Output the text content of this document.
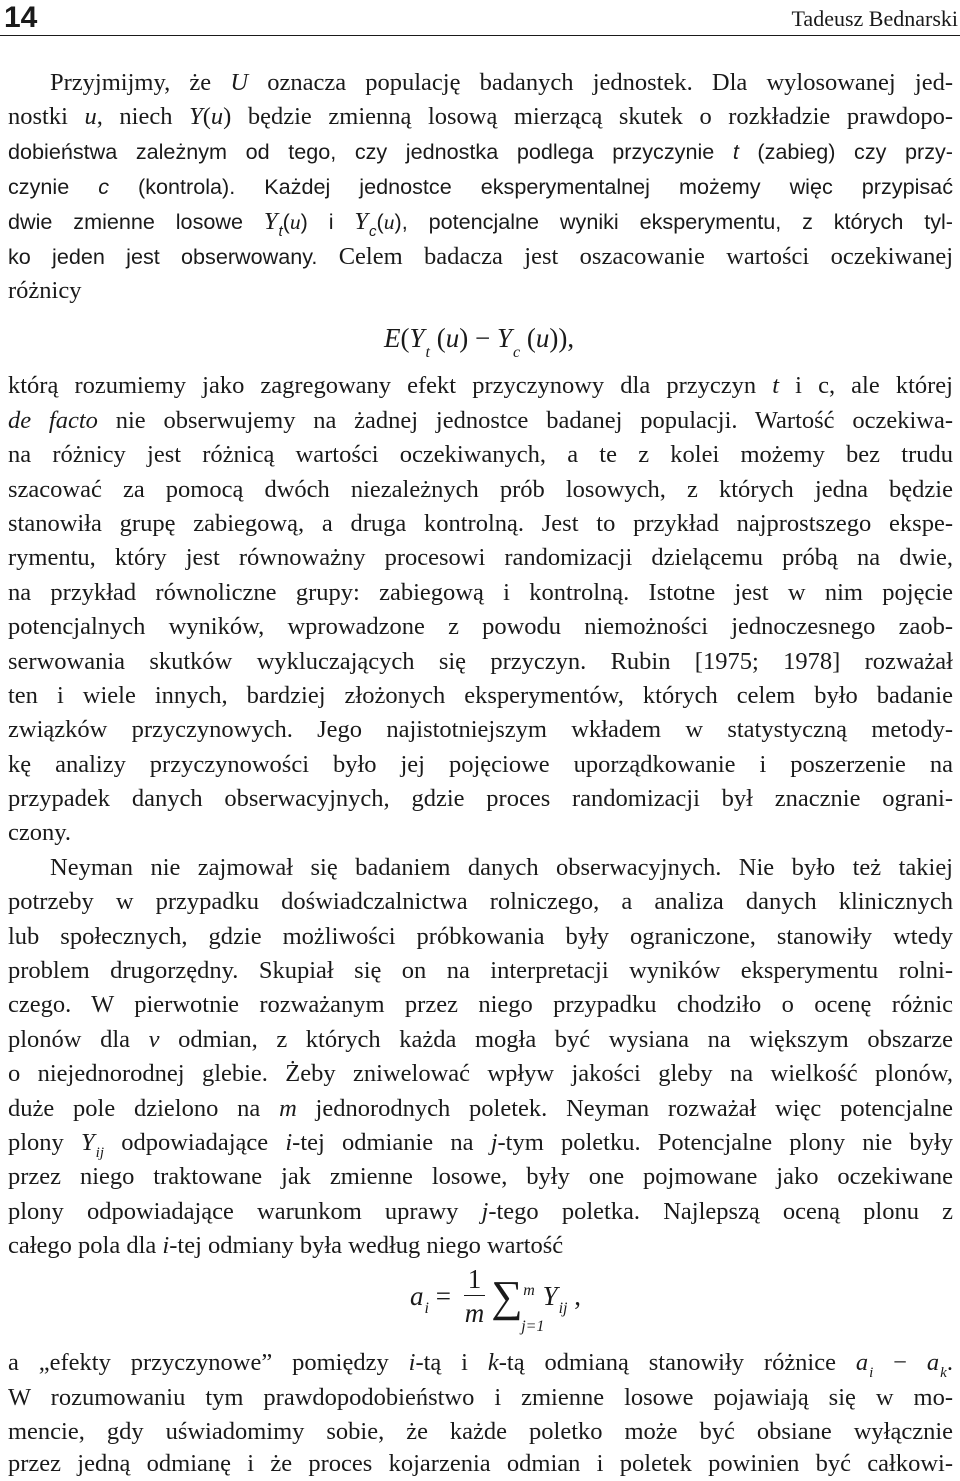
14	Tadeusz Bednarski
Przyjmijmy, że U oznacza populację badanych jednostek. Dla wylosowanej jed-
nostki u, niech Y(u) będzie zmienną losową mierzącą skutek o rozkładzie prawdopo-
dobieństwa zależnym od tego, czy jednostka podlega przyczynie t (zabieg) czy przy-
czynie c (kontrola). Każdej jednostce eksperymentalnej możemy więc przypisać
dwie zmienne losowe $Y_t(u)$ i $Y_c(u)$, potencjalne wyniki eksperymentu, z których tyl-
ko jeden jest obserwowany. Celem badacza jest oszacowanie wartości oczekiwanej
różnicy
$E(Y_t$ $(u) - Y_c$ (u)),
którą rozumiemy jako zagregowany efekt przyczynowy dla przyczyn t i c, ale której
de facto nie obserwujemy na żadnej jednostce badanej populacji. Wartość oczekiwa-
na różnicy jest różnicą wartości oczekiwanych, a te z kolei możemy bez trudu
szacować za pomocą dwóch niezależnych prób losowych, z których jedna będzie
stanowiła grupę zabiegową, a druga kontrolną. Jest to przykład najprostszego ekspe-
rymentu, który jest równoważny procesowi randomizacji dzielącemu próbą na dwie,
na przykład równoliczne grupy: zabiegową i kontrolną. Istotne jest w nim pojęcie
potencjalnych wyników, wprowadzone z powodu niemożności jednoczesnego zaob-
serwowania skutków wykluczających się przyczyn. Rubin [1975; 1978] rozważał
ten i wiele innych, bardziej złożonych eksperymentów, których celem było badanie
związków przyczynowych. Jego najistotniejszym wkładem w statystyczną metody-
kę analizy przyczynowości było jej pojęciowe uporządkowanie i poszerzenie na
przypadek danych obserwacyjnych, gdzie proces randomizacji był znacznie ograni-
czony.
Neyman nie zajmował się badaniem danych obserwacyjnych. Nie było też takiej
potrzeby w przypadku doświadczalnictwa rolniczego, a analiza danych klinicznych
lub społecznych, gdzie możliwości próbkowania były ograniczone, stanowiły wtedy
problem drugorzędny. Skupiał się on na interpretacji wyników eksperymentu rolni-
czego. W pierwotnie rozważanym przez niego przypadku chodziło o ocenę różnic
plonów dla v odmian, z których każda mogła być wysiana na większym obszarze
o niejednorodnej glebie. Żeby zniwelować wpływ jakości gleby na wielkość plonów,
duże pole dzielono na m jednorodnych poletek. Neyman rozważał więc potencjalne
plony $Y_{ij}$ odpowiadające i-tej odmianie na j-tym poletku. Potencjalne plony nie były
przez niego traktowane jak zmienne losowe, były one pojmowane jako oczekiwane
plony odpowiadające warunkom uprawy j-tego poletka. Najlepszą oceną plonu z
całego pola dla i-tej odmiany była według niego wartość
$a_i = \frac{1}{m}$ ∑ m
j=1
$Y_{ij}$ ,
a „efekty przyczynowe” pomiędzy i-tą i k-tą odmianą stanowiły różnice $a_i - a_k$.
W rozumowaniu tym prawdopodobieństwo i zmienne losowe pojawiają się w mo-
mencie, gdy uświadomimy sobie, że każde poletko może być obsiane wyłącznie
przez jedną odmianę i że proces kojarzenia odmian i poletek powinien być całkowi-
